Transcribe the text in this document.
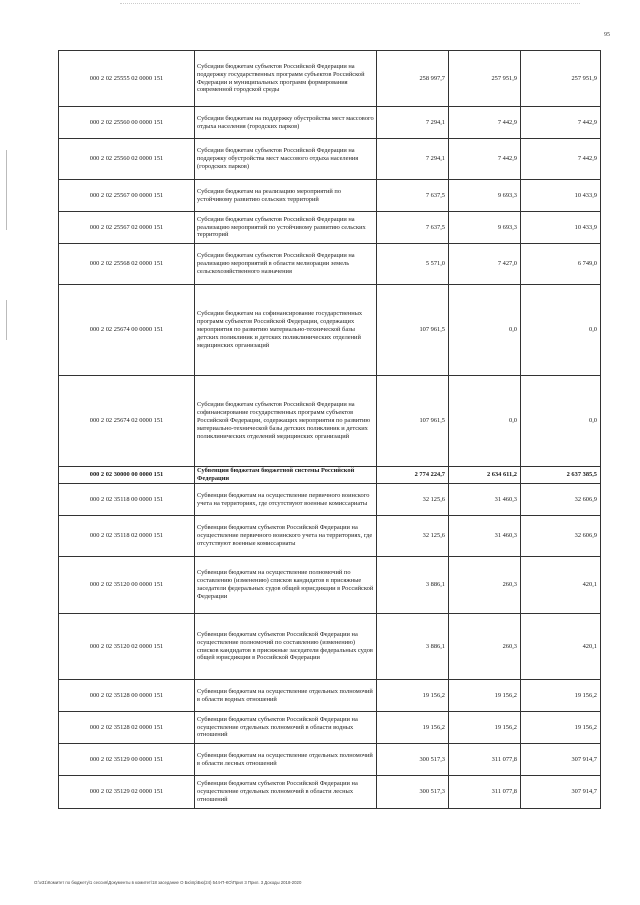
95
000 2 02 25555 02 0000 151	Субсидии бюджетам субъектов Российской Федерации на поддержку государственных программ субъектов Российской Федерации и муниципальных программ формирования современной городской среды	258 997,7	257 951,9	257 951,9
000 2 02 25560 00 0000 151	Субсидии бюджетам на поддержку обустройства мест массового отдыха населения (городских парков)	7 294,1	7 442,9	7 442,9
000 2 02 25560 02 0000 151	Субсидии бюджетам субъектов Российской Федерации на поддержку обустройства мест массового отдыха населения (городских парков)	7 294,1	7 442,9	7 442,9
000 2 02 25567 00 0000 151	Субсидии бюджетам на реализацию мероприятий по устойчивому развитию сельских территорий	7 637,5	9 693,3	10 433,9
000 2 02 25567 02 0000 151	Субсидии бюджетам субъектов Российской Федерации на реализацию мероприятий по устойчивому развитию сельских территорий	7 637,5	9 693,3	10 433,9
000 2 02 25568 02 0000 151	Субсидии бюджетам субъектов Российской Федерации на реализацию мероприятий в области мелиорации земель сельскохозяйственного назначения	5 571,0	7 427,0	6 749,0
000 2 02 25674 00 0000 151	Субсидии бюджетам на софинансирование государственных программ субъектов Российской Федерации, содержащих мероприятия по развитию материально-технической базы детских поликлиник и детских поликлинических отделений медицинских организаций	107 961,5	0,0	0,0
000 2 02 25674 02 0000 151	Субсидии бюджетам субъектов Российской Федерации на софинансирование государственных программ субъектов Российской Федерации, содержащих мероприятия по развитию материально-технической базы детских поликлиник и детских поликлинических отделений медицинских организаций	107 961,5	0,0	0,0
000 2 02 30000 00 0000 151	Субвенции бюджетам бюджетной системы Российской Федерации	2 774 224,7	2 634 611,2	2 637 385,5
000 2 02 35118 00 0000 151	Субвенции бюджетам на осуществление первичного воинского учета на территориях, где отсутствуют военные комиссариаты	32 125,6	31 460,3	32 606,9
000 2 02 35118 02 0000 151	Субвенции бюджетам субъектов Российской Федерации на осуществление первичного воинского учета на территориях, где отсутствуют военные комиссариаты	32 125,6	31 460,3	32 606,9
000 2 02 35120 00 0000 151	Субвенции бюджетам на осуществление полномочий по составлению (изменению) списков кандидатов в присяжные заседатели федеральных судов общей юрисдикции в Российской Федерации	3 886,1	260,3	420,1
000 2 02 35120 02 0000 151	Субвенции бюджетам субъектов Российской Федерации на осуществление полномочий по составлению (изменению) списков кандидатов в присяжные заседатели федеральных судов общей юрисдикции в Российской Федерации	3 886,1	260,3	420,1
000 2 02 35128 00 0000 151	Субвенции бюджетам на осуществление отдельных полномочий в области водных отношений	19 156,2	19 156,2	19 156,2
000 2 02 35128 02 0000 151	Субвенции бюджетам субъектов Российской Федерации на осуществление отдельных полномочий в области водных отношений	19 156,2	19 156,2	19 156,2
000 2 02 35129 00 0000 151	Субвенции бюджетам на осуществление отдельных полномочий в области лесных отношений	300 517,3	311 077,8	307 914,7
000 2 02 35129 02 0000 151	Субвенции бюджетам субъектов Российской Федерации на осуществление отдельных полномочий в области лесных отношений	300 517,3	311 077,8	307 914,7
O:\v31\Комитет по бюджету\1 сессия\Документы в комитет\18 заседание О Бю\пр\Бю(24) 544-П-КО\Прил 3 Прил. 3 Доходы 2018-2020
